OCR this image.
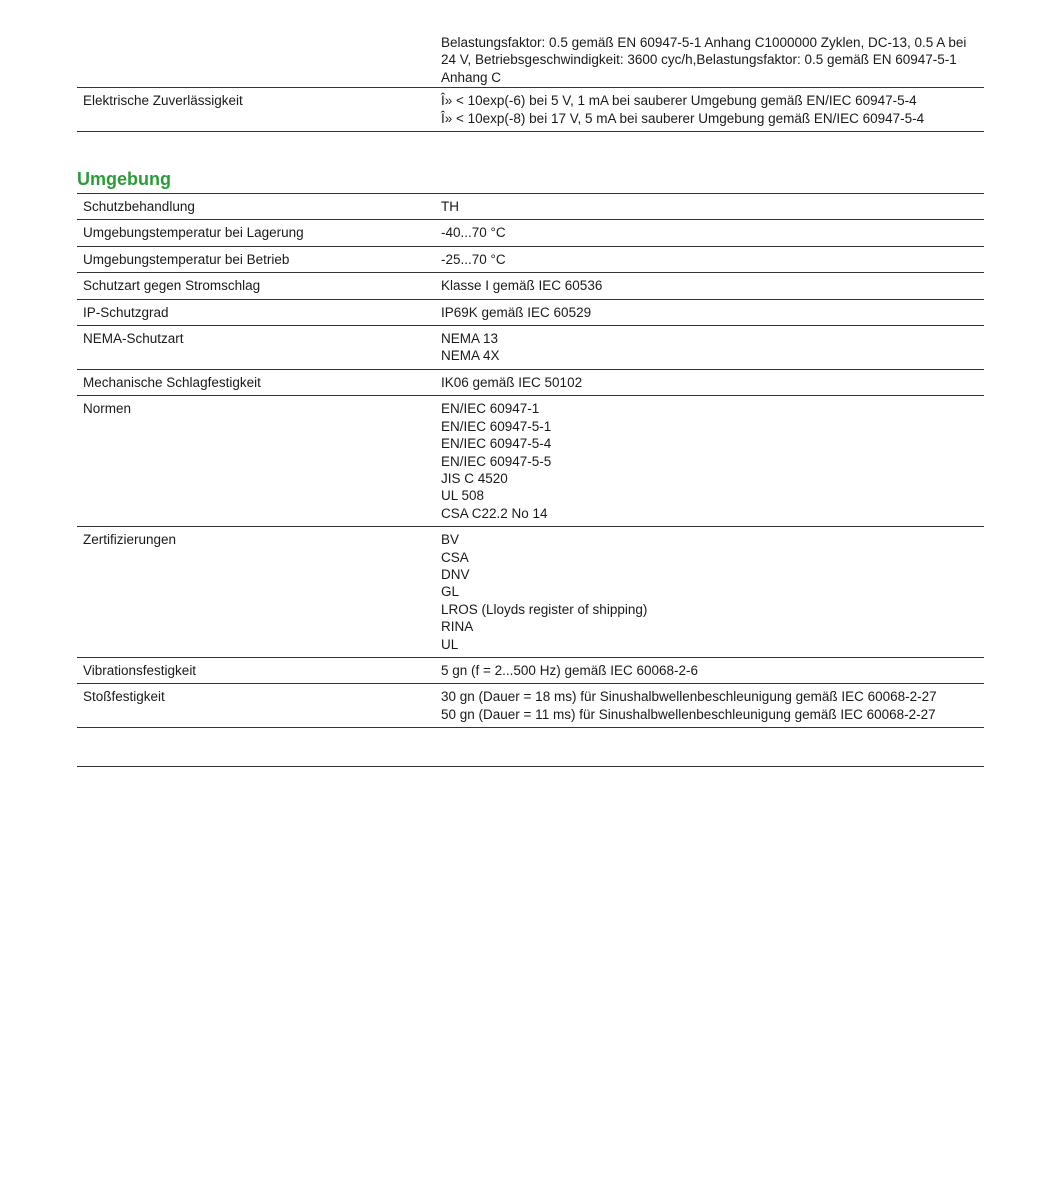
Belastungsfaktor: 0.5 gemäß EN 60947-5-1 Anhang C1000000 Zyklen, DC-13, 0.5 A bei 24 V, Betriebsgeschwindigkeit: 3600 cyc/h,Belastungsfaktor: 0.5 gemäß EN 60947-5-1 Anhang C
Elektrische Zuverlässigkeit	Î» < 10exp(-6) bei 5 V, 1 mA bei sauberer Umgebung gemäß EN/IEC 60947-5-4
Î» < 10exp(-8) bei 17 V, 5 mA bei sauberer Umgebung gemäß EN/IEC 60947-5-4
Umgebung
Schutzbehandlung	TH
Umgebungstemperatur bei Lagerung	-40...70 °C
Umgebungstemperatur bei Betrieb	-25...70 °C
Schutzart gegen Stromschlag	Klasse I gemäß IEC 60536
IP-Schutzgrad	IP69K gemäß IEC 60529
NEMA-Schutzart	NEMA 13
NEMA 4X
Mechanische Schlagfestigkeit	IK06 gemäß IEC 50102
Normen	EN/IEC 60947-1
EN/IEC 60947-5-1
EN/IEC 60947-5-4
EN/IEC 60947-5-5
JIS C 4520
UL 508
CSA C22.2 No 14
Zertifizierungen	BV
CSA
DNV
GL
LROS (Lloyds register of shipping)
RINA
UL
Vibrationsfestigkeit	5 gn (f = 2...500 Hz) gemäß IEC 60068-2-6
Stoßfestigkeit	30 gn (Dauer = 18 ms) für Sinushalbwellenbeschleunigung gemäß IEC 60068-2-27
50 gn (Dauer = 11 ms) für Sinushalbwellenbeschleunigung gemäß IEC 60068-2-27
